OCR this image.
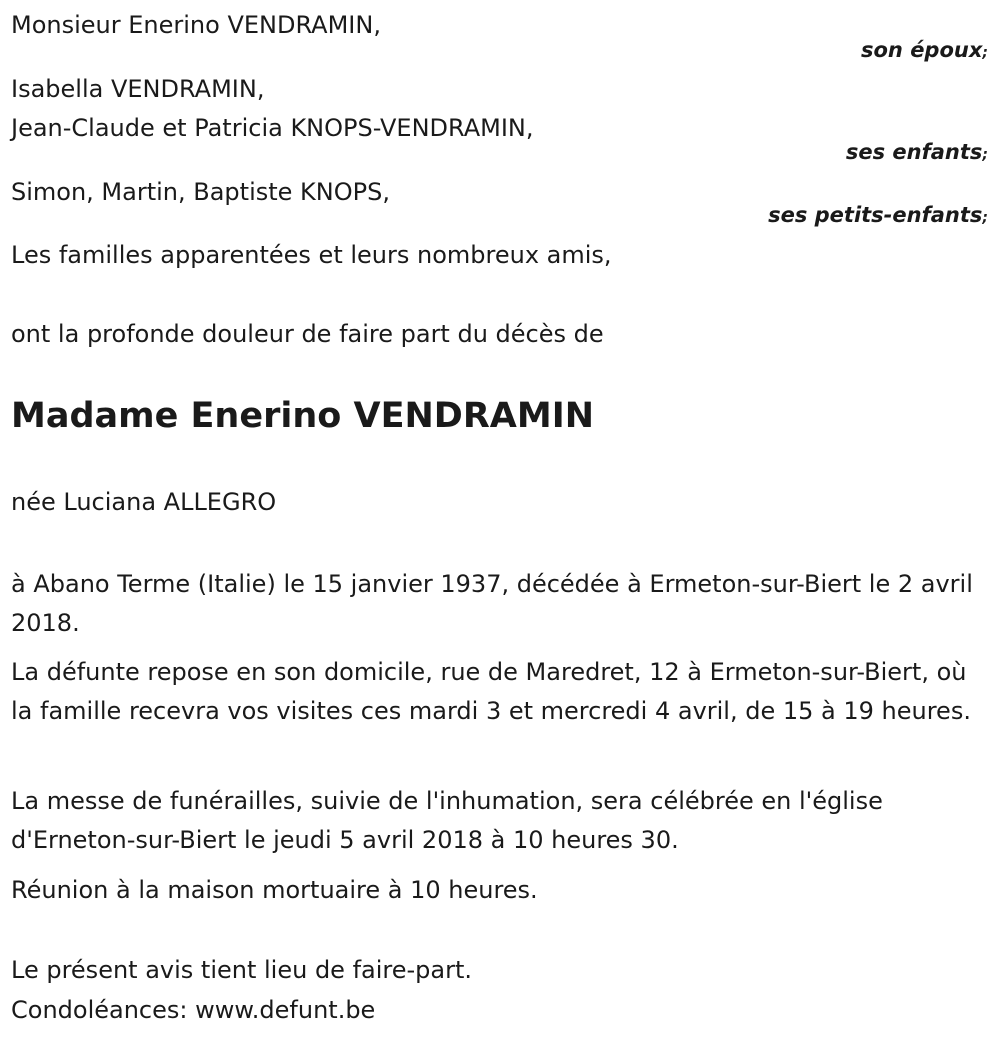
Monsieur Enerino VENDRAMIN,
son époux;
Isabella VENDRAMIN,
Jean-Claude et Patricia KNOPS-VENDRAMIN,
ses enfants;
Simon, Martin, Baptiste KNOPS,
ses petits-enfants;
Les familles apparentées et leurs nombreux amis,
ont la profonde douleur de faire part du décès de
Madame Enerino VENDRAMIN
née Luciana ALLEGRO

à Abano Terme (Italie) le 15 janvier 1937, décédée à Ermeton-sur-Biert le 2 avril 2018.

La défunte repose en son domicile, rue de Maredret, 12 à Ermeton-sur-Biert, où la famille recevra vos visites ces mardi 3 et mercredi 4 avril, de 15 à 19 heures.

La messe de funérailles, suivie de l'inhumation, sera célébrée en l'église d'Erneton-sur-Biert le jeudi 5 avril 2018 à 10 heures 30.

Réunion à la maison mortuaire à 10 heures.

Le présent avis tient lieu de faire-part.
Condoléances: www.defunt.be
